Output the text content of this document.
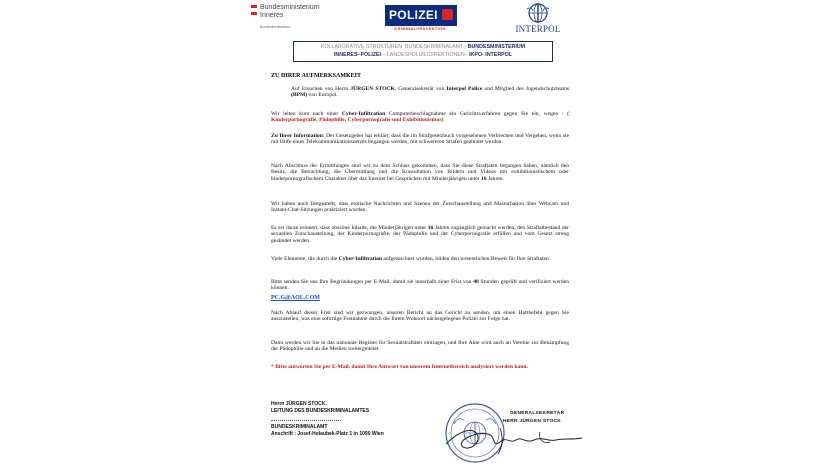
Bundesministerium
Inneres
Bundeskriminalamt
POLIZEI
KRIMINALPRÄVENTION	INTERPOL
KOLLABORATIVE STRUKTUREN: BUNDESKRIMINALAMT– BUNDESMINISTERIUM
INNERES–POLIZEI – LANDESPOLIZEIDIREKTIONEN– IKPO- INTERPOL
ZU IHRER AUFMERKSAMKEIT

Auf Ersuchen von Herrn JÜRGEN STOCK, Generalsekretär von Interpol Police und Mitglied des Jugendschutzteams (BPM) von Europol.

Wir leiten kurz nach einer Cyber-Infiltration Computerbeschlagnahme ein Gerichtsverfahren gegen Sie ein, wegen : ( Kinderpornografie, Pädophilie, Cyberpornografie und Exhibitionismus)

Zu Ihrer Information: Der Gesetzgeber hat erklärt, dass die im Strafgesetzbuch vorgesehenen Verbrechen und Vergehen, wenn sie mit Hilfe eines Telekommunikationsnetzes begangen werden, mit schwereren Strafen geahndet werden.

Nach Abschluss der Ermittlungen sind wir zu dem Schluss gekommen, dass Sie diese Straftaten begangen haben, nämlich den Besitz, die Betrachtung, die Übermittlung und die Konsultation von Bildern und Videos mit exhibitionistischem oder kinderpornografischem Charakter über das Internet bei Gesprächen mit Minderjährigen unter 16 Jahren.

Wir haben auch festgestellt, dass erotische Nachrichten und Szenen der Zurschaustellung und Masturbation über Webcam und Instant-Chat-Sitzungen praktiziert wurden.

Es sei daran erinnert, dass obszöne Inhalte, die Minderjährigen unter 16 Jahren zugänglich gemacht werden, den Straftatbestand der sexuellen Zurschaustellung, der Kinderpornografie, der Pädophilie und der Cyberpornografie erfüllen und vom Gesetz streng geahndet werden.

Viele Elemente, die durch die Cyber-Infiltration aufgezeichnet wurden, bilden den wesentlichen Beweis für Ihre Straftaten.

Bitte senden Sie uns Ihre Begründungen per E-Mail, damit sie innerhalb einer Frist von 48 Stunden geprüft und verifiziert werden können.

PC.G@AOL.COM

Nach Ablauf dieser Frist sind wir gezwungen, unseren Bericht an das Gericht zu senden, um einen Haftbefehl gegen Sie auszustellen, was eine sofortige Festnahme durch die Ihrem Wohnort nächstgelegene Polizei zur Folge hat.

Dann werden wir Sie in das nationale Register für Sexualstraftäter eintragen, und Ihre Akte wird auch an Vereine zur Bekämpfung der Pädophilie und an die Medien weitergeleitet.

* Bitte antworten Sie per E-Mail, damit Ihre Antwort von unserem Internetbereich analysiert werden kann.

Herrn JÜRGEN STOCK,
LEITUNG DES BUNDESKRIMINALAMTES
BUNDESKRIMINALAMT
Anschrift : Josef-Holaubek-Platz 1 in 1090 Wien
GENERALSEKRETÄR
HERR JÜRGEN STOCK
